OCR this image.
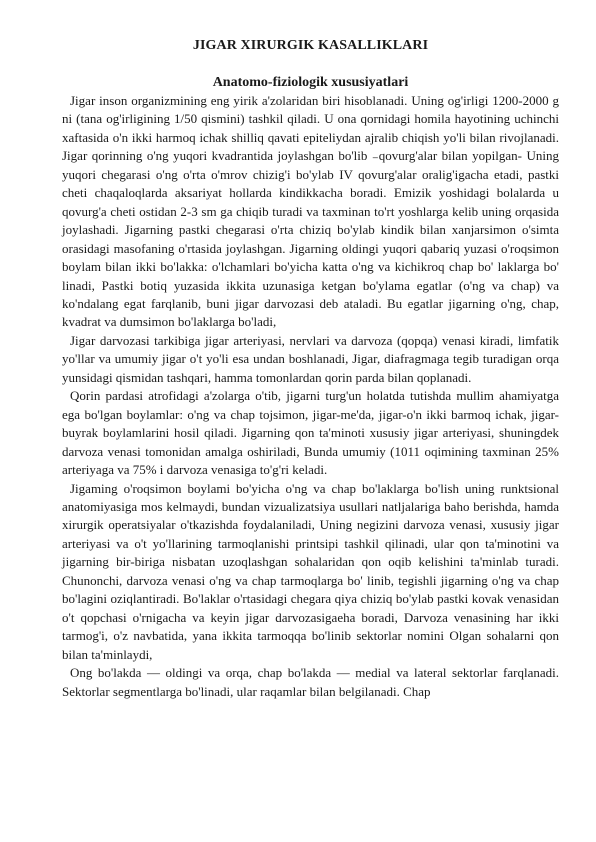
JIGAR XIRURGIK KASALLIKLARI
Anatomo-fiziologik xususiyatlari

Jigar inson organizmining eng yirik a'zolaridan biri hisoblanadi. Uning og'irligi 1200-2000 g ni (tana og'irligining 1/50 qismini) tashkil qiladi. U ona qornidagi homila hayotining uchinchi xaftasida o'n ikki harmoq ichak shilliq qavati epiteliydan ajralib chiqish yo'li bilan rivojlanadi. Jigar qorinning o'ng yuqori kvadrantida joylashgan bo'lib ₋qovurg'alar bilan yopilgan- Uning yuqori chegarasi o'ng o'rta o'mrov chizig'i bo'ylab IV qovurg'alar oralig'igacha etadi, pastki cheti chaqaloqlarda aksariyat hollarda kindikkacha boradi. Emizik yoshidagi bolalarda u qovurg'a cheti ostidan 2-3 sm ga chiqib turadi va taxminan to'rt yoshlarga kelib uning orqasida joylashadi. Jigarning pastki chegarasi o'rta chiziq bo'ylab kindik bilan xanjarsimon o'simta orasidagi masofaning o'rtasida joylashgan. Jigarning oldingi yuqori qabariq yuzasi o'roqsimon boylam bilan ikki bo'lakka: o'lchamlari bo'yicha katta o'ng va kichikroq chap bo' laklarga bo' linadi, Pastki botiq yuzasida ikkita uzunasiga ketgan bo'ylama egatlar (o'ng va chap) va ko'ndalang egat farqlanib, buni jigar darvozasi deb ataladi. Bu egatlar jigarning o'ng, chap, kvadrat va dumsimon bo'laklarga bo'ladi,

Jigar darvozasi tarkibiga jigar arteriyasi, nervlari va darvoza (qopqa) venasi kiradi, limfatik yo'llar va umumiy jigar o't yo'li esa undan boshlanadi, Jigar, diafragmaga tegib turadigan orqa yunsidagi qismidan tashqari, hamma tomonlardan qorin parda bilan qoplanadi.

Qorin pardasi atrofidagi a'zolarga o'tib, jigarni turg'un holatda tutishda mullim ahamiyatga ega bo'lgan boylamlar: o'ng va chap tojsimon, jigar-me'da, jigar-o'n ikki barmoq ichak, jigar-buyrak boylamlarini hosil qiladi. Jigarning qon ta'minoti xususiy jigar arteriyasi, shuningdek darvoza venasi tomonidan amalga oshiriladi, Bunda umumiy (1011 oqimining taxminan 25% arteriyaga va 75% i darvoza venasiga to'g'ri keladi.

Jigaming o'roqsimon boylami bo'yicha o'ng va chap bo'laklarga bo'lish uning runktsional anatomiyasiga mos kelmaydi, bundan vizualizatsiya usullari natljalariga baho berishda, hamda xirurgik operatsiyalar o'tkazishda foydalaniladi, Uning negizini darvoza venasi, xususiy jigar arteriyasi va o't yo'llarining tarmoqlanishi printsipi tashkil qilinadi, ular qon ta'minotini va jigarning bir-biriga nisbatan uzoqlashgan sohalaridan qon oqib kelishini ta'minlab turadi. Chunonchi, darvoza venasi o'ng va chap tarmoqlarga bo' linib, tegishli jigarning o'ng va chap bo'lagini oziqlantiradi. Bo'laklar o'rtasidagi chegara qiya chiziq bo'ylab pastki kovak venasidan o't qopchasi o'rnigacha va keyin jigar darvozasigaeha boradi, Darvoza venasining har ikki tarmog'i, o'z navbatida, yana ikkita tarmoqqa bo'linib sektorlar nomini Olgan sohalarni qon bilan ta'minlaydi,

Ong bo'lakda — oldingi va orqa, chap bo'lakda — medial va lateral sektorlar farqlanadi. Sektorlar segmentlarga bo'linadi, ular raqamlar bilan belgilanadi. Chap
